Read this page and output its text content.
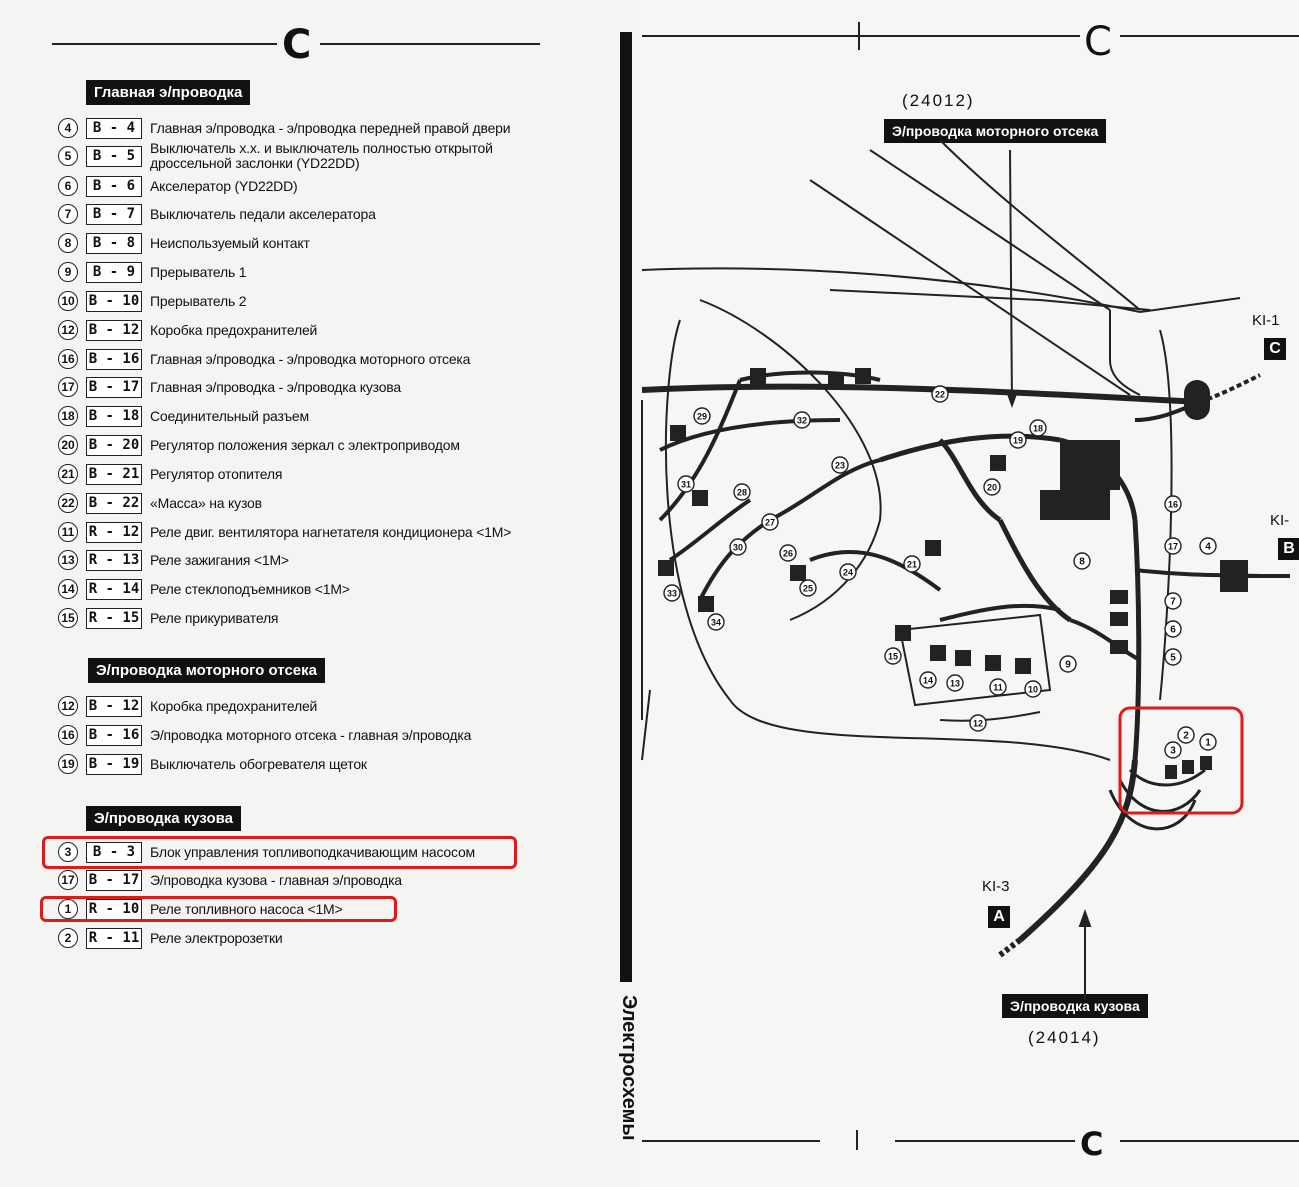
C
Главная э/проводка
Э/проводка моторного отсека
Э/проводка кузова
4	B - 4	Главная э/проводка - э/проводка передней правой двери
5	B - 5	Выключатель х.х. и выключатель полностью открытой
дроссельной заслонки (YD22DD)
6	B - 6	Акселератор (YD22DD)
7	B - 7	Выключатель педали акселератора
8	B - 8	Неиспользуемый контакт
9	B - 9	Прерыватель 1
10 B - 10 Прерыватель 2
12 B - 12 Коробка предохранителей
16 B - 16 Главная э/проводка - э/проводка моторного отсека
17 B - 17 Главная э/проводка - э/проводка кузова
18 B - 18 Соединительный разъем
20 B - 20 Регулятор положения зеркал с электроприводом
21 B - 21 Регулятор отопителя
22 B - 22 «Масса» на кузов
11 R - 12 Реле двиг. вентилятора нагнетателя кондиционера <1M>
13 R - 13 Реле зажигания <1M>
14 R - 14 Реле стеклоподъемников <1M>
15 R - 15 Реле прикуривателя
12 B - 12 Коробка предохранителей
16 B - 16 Э/проводка моторного отсека - главная э/проводка
19 B - 19 Выключатель обогревателя щеток
3	B - 3	Блок управления топливоподкачивающим насосом
17 B - 17 Э/проводка кузова - главная э/проводка
1	R - 10 Реле топливного насоса <1M>
2	R - 11 Реле электророзетки
Электросхемы
C
C
(24012)
Э/проводка моторного отсека
Э/проводка кузова
(24014)
KI-1
C
KI-
B
KI-3
A
1
2
3
4
5
6
7
8
9
10
11
12
13
14
15
16
17
18
19
20
21
22
23
24
25
26
27
28
29
30
31
32
33
34
